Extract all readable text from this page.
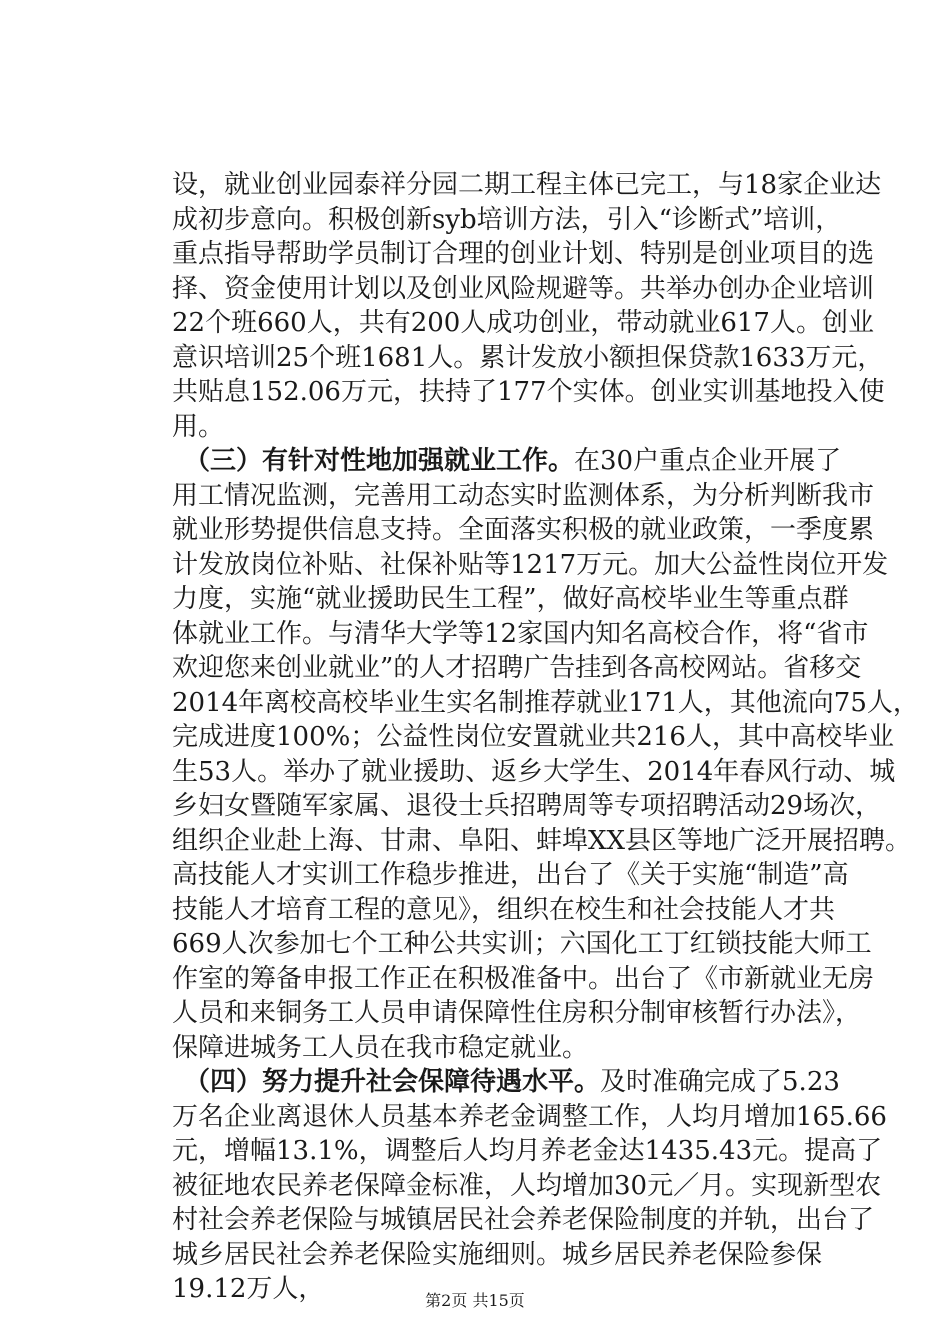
设，就业创业园泰祥分园二期工程主体已完工，与18家企业达
成初步意向。积极创新syb培训方法，引入“诊断式”培训，
重点指导帮助学员制订合理的创业计划、特别是创业项目的选
择、资金使用计划以及创业风险规避等。共举办创办企业培训
22个班660人，共有200人成功创业，带动就业617人。创业
意识培训25个班1681人。累计发放小额担保贷款1633万元，
共贴息152.06万元，扶持了177个实体。创业实训基地投入使
用。
（三）有针对性地加强就业工作。在30户重点企业开展了
用工情况监测，完善用工动态实时监测体系，为分析判断我市
就业形势提供信息支持。全面落实积极的就业政策，一季度累
计发放岗位补贴、社保补贴等1217万元。加大公益性岗位开发
力度，实施“就业援助民生工程”，做好高校毕业生等重点群
体就业工作。与清华大学等12家国内知名高校合作，将“省市
欢迎您来创业就业”的人才招聘广告挂到各高校网站。省移交
2014年离校高校毕业生实名制推荐就业171人，其他流向75人，
完成进度100%；公益性岗位安置就业共216人，其中高校毕业
生53人。举办了就业援助、返乡大学生、2014年春风行动、城
乡妇女暨随军家属、退役士兵招聘周等专项招聘活动29场次，
组织企业赴上海、甘肃、阜阳、蚌埠XX县区等地广泛开展招聘。
高技能人才实训工作稳步推进，出台了《关于实施“制造”高
技能人才培育工程的意见》，组织在校生和社会技能人才共
669人次参加七个工种公共实训；六国化工丁红锁技能大师工
作室的筹备申报工作正在积极准备中。出台了《市新就业无房
人员和来铜务工人员申请保障性住房积分制审核暂行办法》，
保障进城务工人员在我市稳定就业。
（四）努力提升社会保障待遇水平。及时准确完成了5.23
万名企业离退休人员基本养老金调整工作，人均月增加165.66
元，增幅13.1%，调整后人均月养老金达1435.43元。提高了
被征地农民养老保障金标准，人均增加30元／月。实现新型农
村社会养老保险与城镇居民社会养老保险制度的并轨，出台了
城乡居民社会养老保险实施细则。城乡居民养老保险参保
19.12万人，	第2页 共15页
